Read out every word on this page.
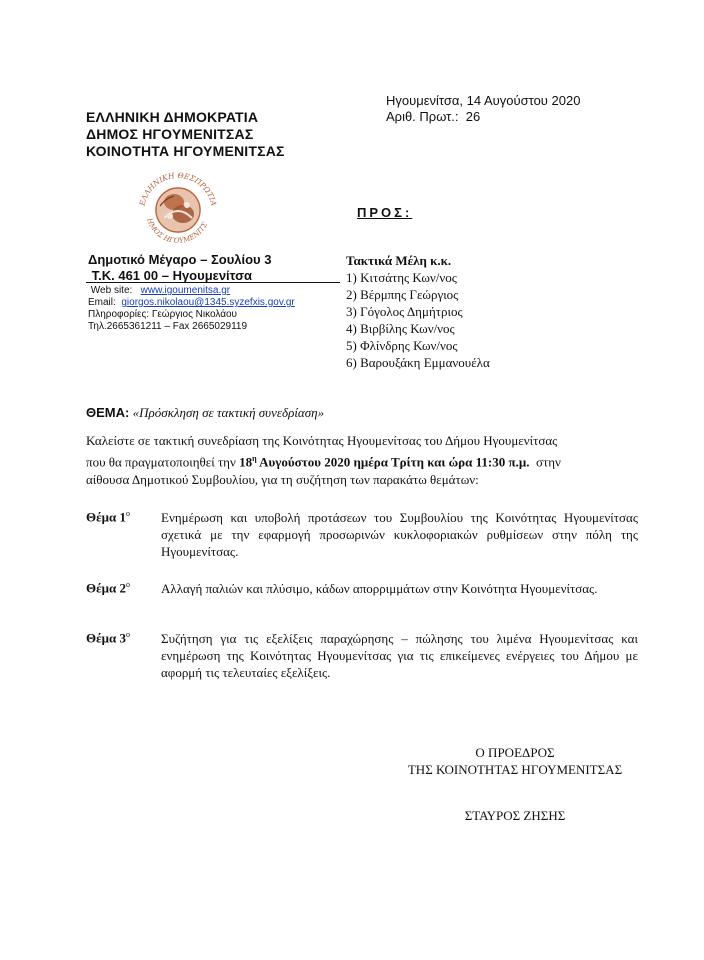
ΕΛΛΗΝΙΚΗ ΔΗΜΟΚΡΑΤΙΑ
ΔΗΜΟΣ ΗΓΟΥΜΕΝΙΤΣΑΣ
ΚΟΙΝΟΤΗΤΑ ΗΓΟΥΜΕΝΙΤΣΑΣ
Ηγουμενίτσα, 14 Αυγούστου 2020
Αριθ. Πρωτ.: 26
ΕΛΛΗΝΙΚΗ ΘΕΣΠΡΩΤΙΑ
ΗΜΟΣ ΗΓΟΥΜΕΝΙΤΣ
Δημοτικό Μέγαρο – Σουλίου 3
Τ.Κ. 461 00 – Ηγουμενίτσα
Web site: www.igoumenitsa.gr
Email: giorgos.nikolaou@1345.syzefxis.gov.gr
Πληροφορίες: Γεώργιος Νικολάου
Τηλ.2665361211 – Fax 2665029119
ΠΡΟΣ:
Τακτικά Μέλη κ.κ.
1) Κιτσάτης Κων/νος
2) Βέρμπης Γεώργιος
3) Γόγολος Δημήτριος
4) Βιρβίλης Κων/νος
5) Φλίνδρης Κων/νος
6) Βαρουξάκη Εμμανουέλα
ΘΕΜΑ: «Πρόσκληση σε τακτική συνεδρίαση»
Καλείστε σε τακτική συνεδρίαση της Κοινότητας Ηγουμενίτσας του Δήμου Ηγουμενίτσας
που θα πραγματοποιηθεί την $18^\eta$ Αυγούστου 2020 ημέρα Τρίτη και ώρα 11:30 π.μ.  στην
αίθουσα Δημοτικού Συμβουλίου, για τη συζήτηση των παρακάτω θεμάτων:
Θέμα $1^o$ Ενημέρωση και υποβολή προτάσεων του Συμβουλίου της Κοινότητας Ηγουμενίτσας σχετικά με την εφαρμογή προσωρινών κυκλοφοριακών ρυθμίσεων στην πόλη της Ηγουμενίτσας.
Θέμα $2^o$ Αλλαγή παλιών και πλύσιμο, κάδων απορριμμάτων στην Κοινότητα Ηγουμενίτσας.
Θέμα $3^o$ Συζήτηση για τις εξελίξεις παραχώρησης – πώλησης του λιμένα Ηγουμενίτσας και ενημέρωση της Κοινότητας Ηγουμενίτσας για τις επικείμενες ενέργειες του Δήμου με αφορμή τις τελευταίες εξελίξεις.
Ο ΠΡΟΕΔΡΟΣ
ΤΗΣ ΚΟΙΝΟΤΗΤΑΣ ΗΓΟΥΜΕΝΙΤΣΑΣ
ΣΤΑΥΡΟΣ ΖΗΣΗΣ
